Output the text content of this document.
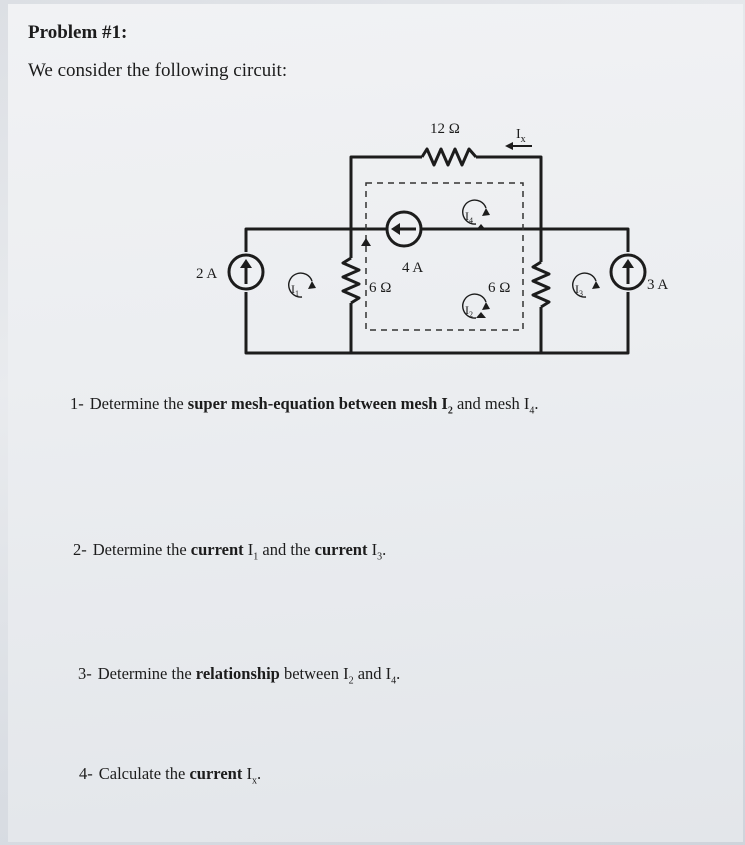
Problem #1:
We consider the following circuit:
12 Ω
6 Ω	6 Ω
2 A
3 A
4 A
$I_x$
$I_1$
$I_2$
$I_3$
$I_4$
1- Determine the super mesh-equation between mesh $I_2$ and mesh $I_4$.
2- Determine the current $I_1$ and the current $I_3$.
3- Determine the relationship between $I_2$ and $I_4$.
4- Calculate the current $I_x$.
